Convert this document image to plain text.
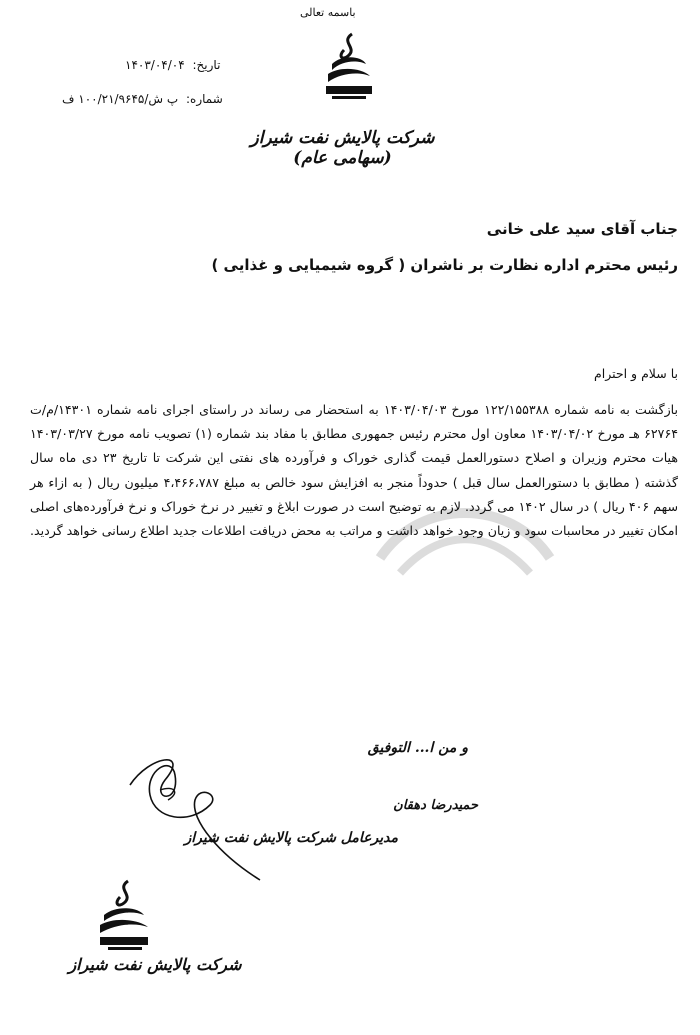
باسمه تعالی
تاریخ: ۱۴۰۳/۰۴/۰۴
شماره: پ ش/۱۰۰/۲۱/۹۶۴۵ ف
شرکت پالایش نفت شیراز (سهامی عام)
جناب آقای سید علی خانی
رئیس محترم اداره نظارت بر ناشران ( گروه شیمیایی و غذایی )
با سلام و احترام
بازگشت به نامه شماره ۱۲۲/۱۵۵۳۸۸ مورخ ۱۴۰۳/۰۴/۰۳ به استحضار می رساند در راستای اجرای نامه شماره ۱۴۳۰۱/م/ت ۶۲۷۶۴ هـ مورخ ۱۴۰۳/۰۴/۰۲ معاون اول محترم رئیس جمهوری مطابق با مفاد بند شماره (۱) تصویب نامه مورخ ۱۴۰۳/۰۳/۲۷ هیات محترم وزیران و اصلاح دستورالعمل قیمت گذاری خوراک و فرآورده های نفتی این شرکت تا تاریخ ۲۳ دی ماه سال گذشته ( مطابق با دستورالعمل سال قبل ) حدوداً منجر به افزایش سود خالص به مبلغ ۴،۴۶۶،۷۸۷ میلیون ریال ( به ازاء هر سهم ۴۰۶ ریال ) در سال ۱۴۰۲ می گردد. لازم به توضیح است در صورت ابلاغ و تغییر در نرخ خوراک و نرخ فرآورده‌های اصلی امکان تغییر در محاسبات سود و زیان وجود خواهد داشت و مراتب به محض دریافت اطلاعات جدید اطلاع رسانی خواهد گردید.
و من ا... التوفیق
حمیدرضا دهقان
مدیرعامل شرکت پالایش نفت شیراز
شرکت پالایش نفت شیراز
